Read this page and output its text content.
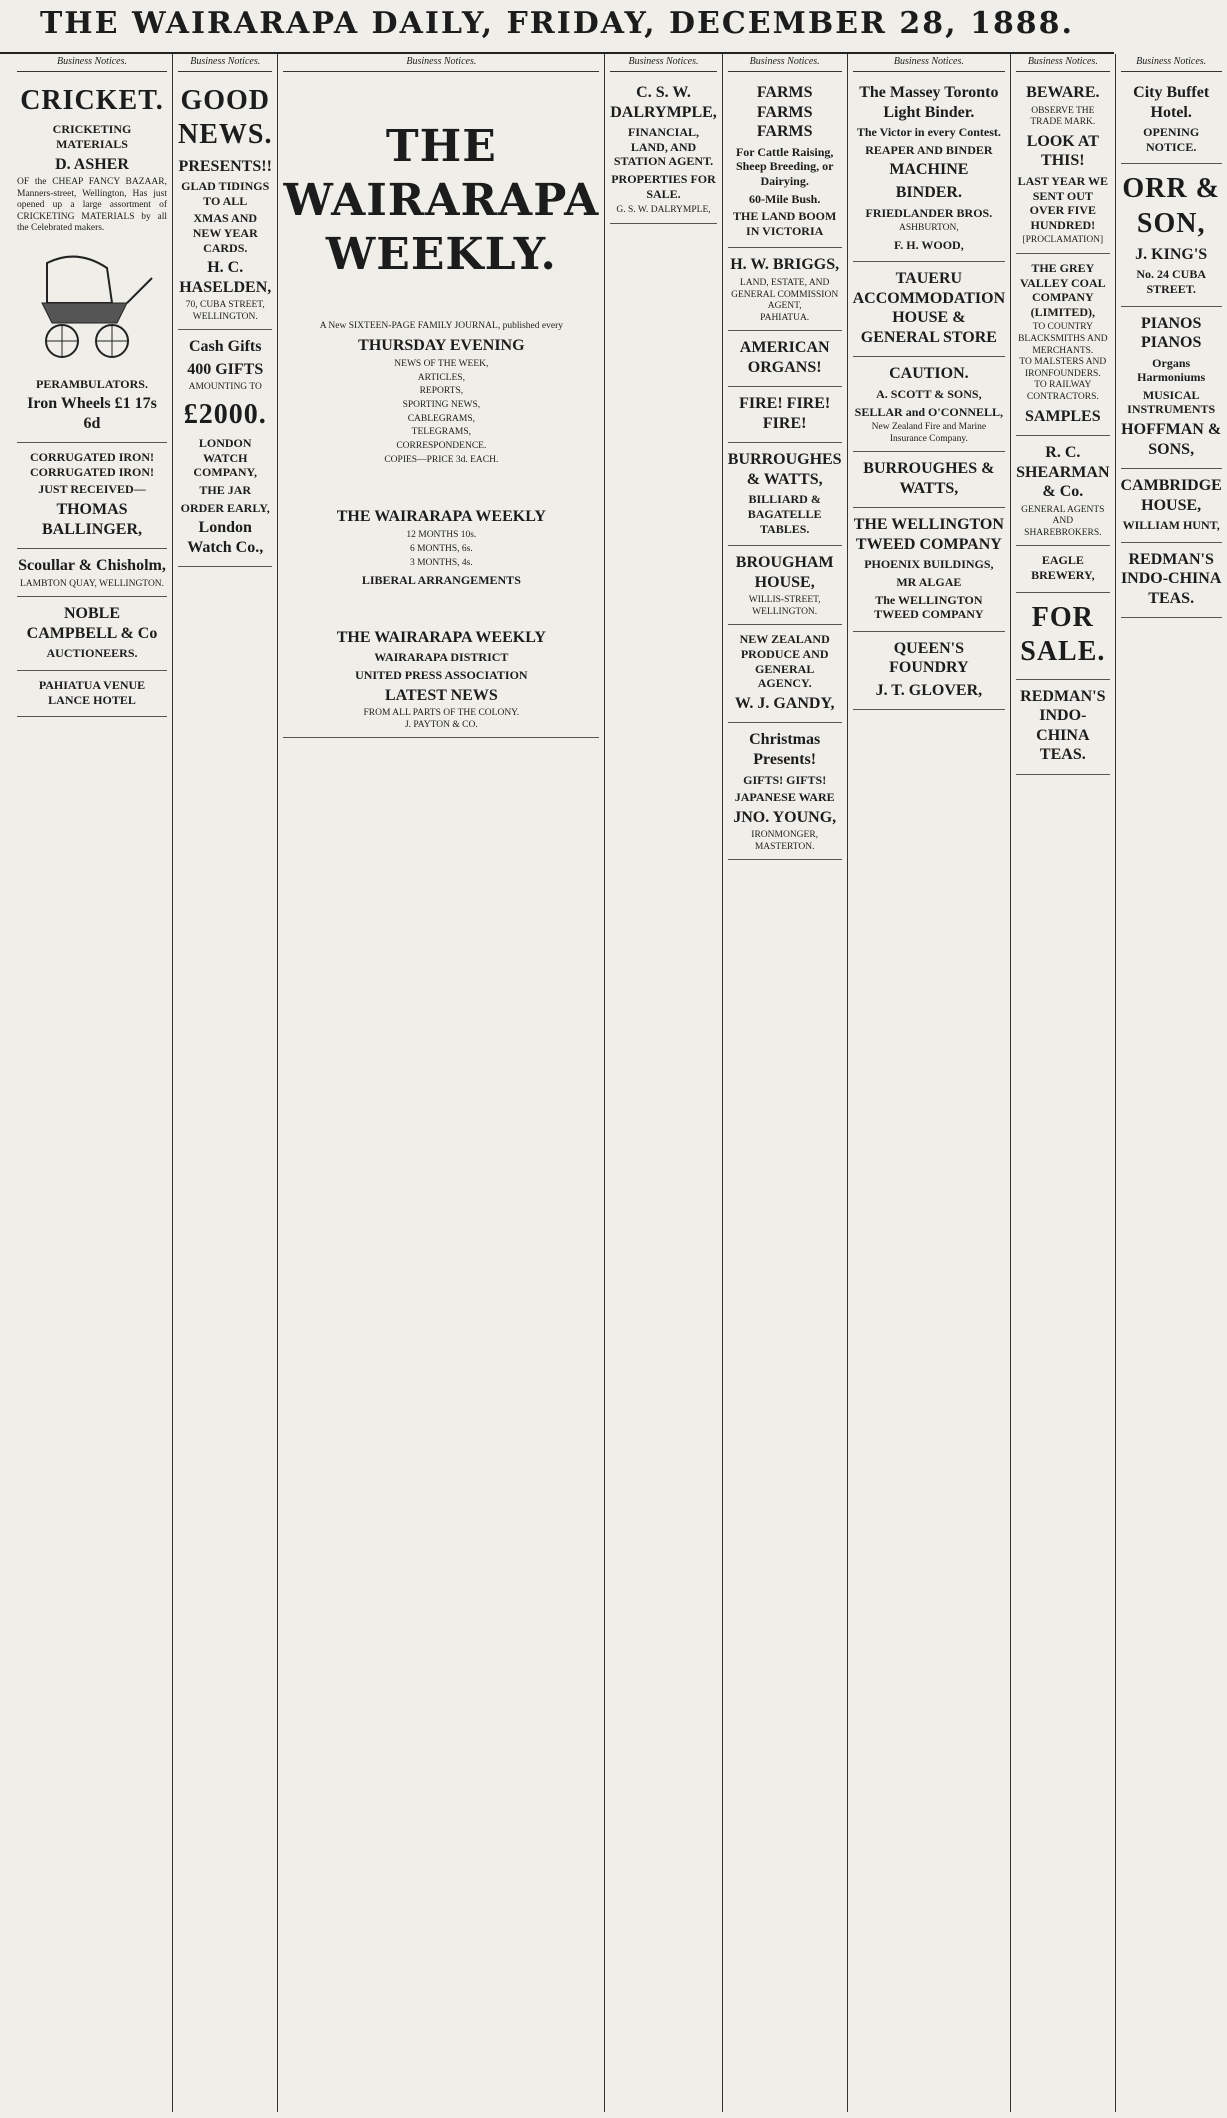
THE WAIRARAPA DAILY, FRIDAY, DECEMBER 28, 1888.
Business Notices.
CRICKET.
CRICKETING MATERIALS
D. ASHER

OF the CHEAP FANCY BAZAAR, Manners-street, Wellington, Has just opened up a large assortment of CRICKETING MATERIALS by all the Celebrated makers.

PERAMBULATORS.
Iron Wheels £1 17s 6d
CORRUGATED IRON! CORRUGATED IRON!
JUST RECEIVED—
THOMAS BALLINGER,
Scoullar & Chisholm,
LAMBTON QUAY, WELLINGTON.
NOBLE CAMPBELL & Co
AUCTIONEERS.
PAHIATUA VENUE LANCE HOTEL
Business Notices.
GOOD NEWS.
PRESENTS!!
GLAD TIDINGS TO ALL
XMAS AND NEW YEAR CARDS.
H. C. HASELDEN,
70, CUBA STREET, WELLINGTON.
Cash Gifts
400 GIFTS
AMOUNTING TO
£2000.
LONDON WATCH COMPANY,
THE JAR
ORDER EARLY,
London Watch Co.,
Business Notices.
THE WAIRARAPA WEEKLY.

A New SIXTEEN-PAGE FAMILY JOURNAL, published every

THURSDAY EVENING
NEWS OF THE WEEK,
ARTICLES,
REPORTS,
SPORTING NEWS,
CABLEGRAMS,
TELEGRAMS,
CORRESPONDENCE.
COPIES—PRICE 3d. EACH.
THE WAIRARAPA WEEKLY
12 MONTHS 10s.
6 MONTHS, 6s.
3 MONTHS, 4s.
LIBERAL ARRANGEMENTS
THE WAIRARAPA WEEKLY
WAIRARAPA DISTRICT
UNITED PRESS ASSOCIATION
LATEST NEWS
FROM ALL PARTS OF THE COLONY.
J. PAYTON & CO.
Business Notices.
C. S. W. DALRYMPLE,
FINANCIAL, LAND, AND STATION AGENT.
PROPERTIES FOR SALE.
G. S. W. DALRYMPLE,
Business Notices.
FARMS FARMS FARMS
For Cattle Raising, Sheep Breeding, or Dairying.
60-Mile Bush.
THE LAND BOOM IN VICTORIA
H. W. BRIGGS,
LAND, ESTATE, AND GENERAL COMMISSION AGENT,
PAHIATUA.
AMERICAN ORGANS!
FIRE! FIRE! FIRE!
BURROUGHES & WATTS,
BILLIARD & BAGATELLE TABLES.
BROUGHAM HOUSE,
WILLIS-STREET, WELLINGTON.
NEW ZEALAND PRODUCE AND GENERAL AGENCY.
W. J. GANDY,
Christmas Presents!
GIFTS! GIFTS!
JAPANESE WARE
JNO. YOUNG,
IRONMONGER, MASTERTON.
Business Notices.
The Massey Toronto Light Binder.
The Victor in every Contest.
REAPER AND BINDER
MACHINE
BINDER.
FRIEDLANDER BROS.
ASHBURTON,
F. H. WOOD,
TAUERU ACCOMMODATION HOUSE & GENERAL STORE
CAUTION.
A. SCOTT & SONS,
SELLAR and O'CONNELL,
New Zealand Fire and Marine Insurance Company.
BURROUGHES & WATTS,
THE WELLINGTON TWEED COMPANY
PHOENIX BUILDINGS,
MR ALGAE
The WELLINGTON TWEED COMPANY
QUEEN'S FOUNDRY
J. T. GLOVER,
Business Notices.
BEWARE.
OBSERVE THE TRADE MARK.
LOOK AT THIS!
LAST YEAR WE SENT OUT OVER FIVE HUNDRED!
[PROCLAMATION]
THE GREY VALLEY COAL COMPANY (LIMITED),
TO COUNTRY BLACKSMITHS AND MERCHANTS.
TO MALSTERS AND IRONFOUNDERS.
TO RAILWAY CONTRACTORS.
SAMPLES
R. C. SHEARMAN & Co.
GENERAL AGENTS
AND SHAREBROKERS.
EAGLE BREWERY,
FOR SALE.
REDMAN'S INDO-CHINA TEAS.
Business Notices.
City Buffet Hotel.
OPENING NOTICE.
ORR & SON,
J. KING'S
No. 24 CUBA STREET.
PIANOS PIANOS
Organs Harmoniums
MUSICAL INSTRUMENTS
HOFFMAN & SONS,
CAMBRIDGE HOUSE,
WILLIAM HUNT,
REDMAN'S INDO-CHINA TEAS.
